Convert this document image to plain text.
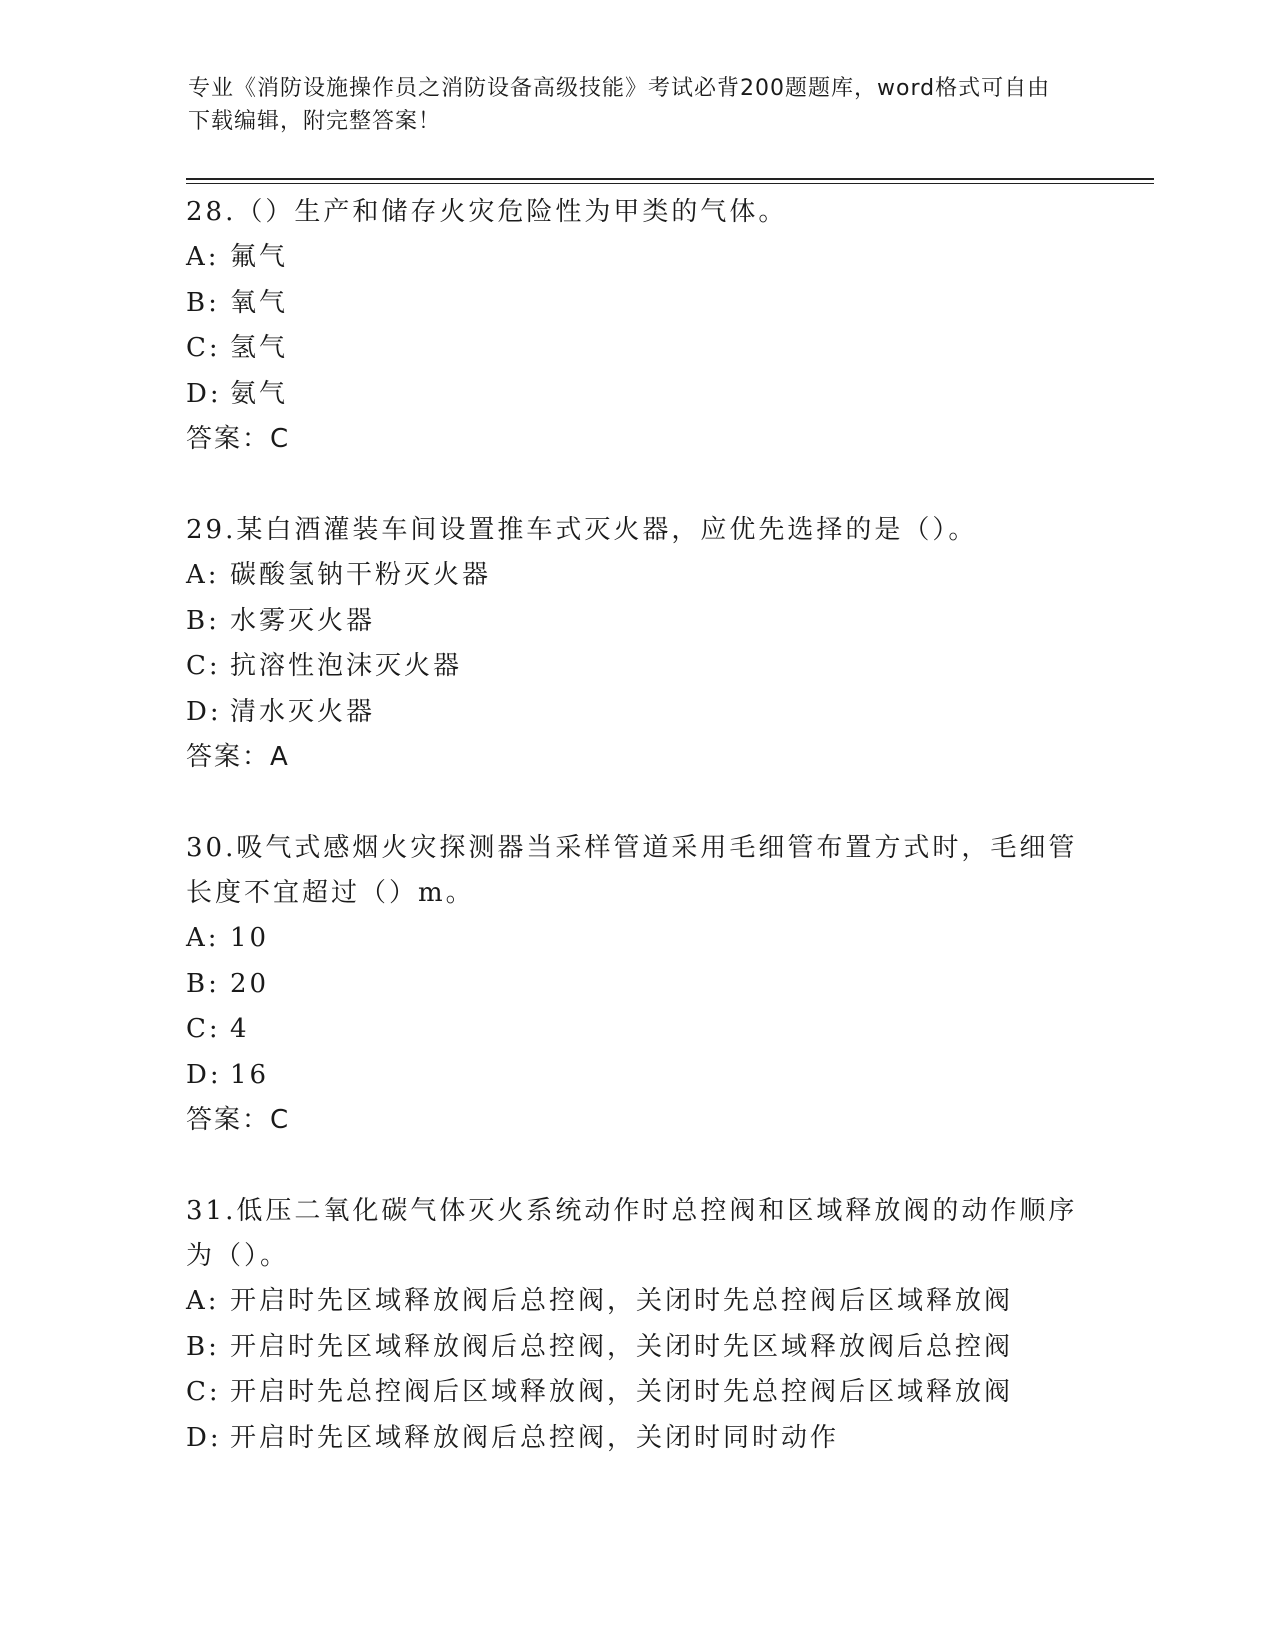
专业《消防设施操作员之消防设备高级技能》考试必背200题题库，word格式可自由下载编辑，附完整答案！

28.（）生产和储存火灾危险性为甲类的气体。

A: 氟气
B: 氧气
C: 氢气
D: 氨气
答案：C

29.某白酒灌装车间设置推车式灭火器，应优先选择的是（）。

A: 碳酸氢钠干粉灭火器
B: 水雾灭火器
C: 抗溶性泡沫灭火器
D: 清水灭火器
答案：A

30.吸气式感烟火灾探测器当采样管道采用毛细管布置方式时，毛细管长度不宜超过（）m。

A: 10
B: 20
C: 4
D: 16
答案：C

31.低压二氧化碳气体灭火系统动作时总控阀和区域释放阀的动作顺序为（）。

A: 开启时先区域释放阀后总控阀，关闭时先总控阀后区域释放阀
B: 开启时先区域释放阀后总控阀，关闭时先区域释放阀后总控阀
C: 开启时先总控阀后区域释放阀，关闭时先总控阀后区域释放阀
D: 开启时先区域释放阀后总控阀，关闭时同时动作
